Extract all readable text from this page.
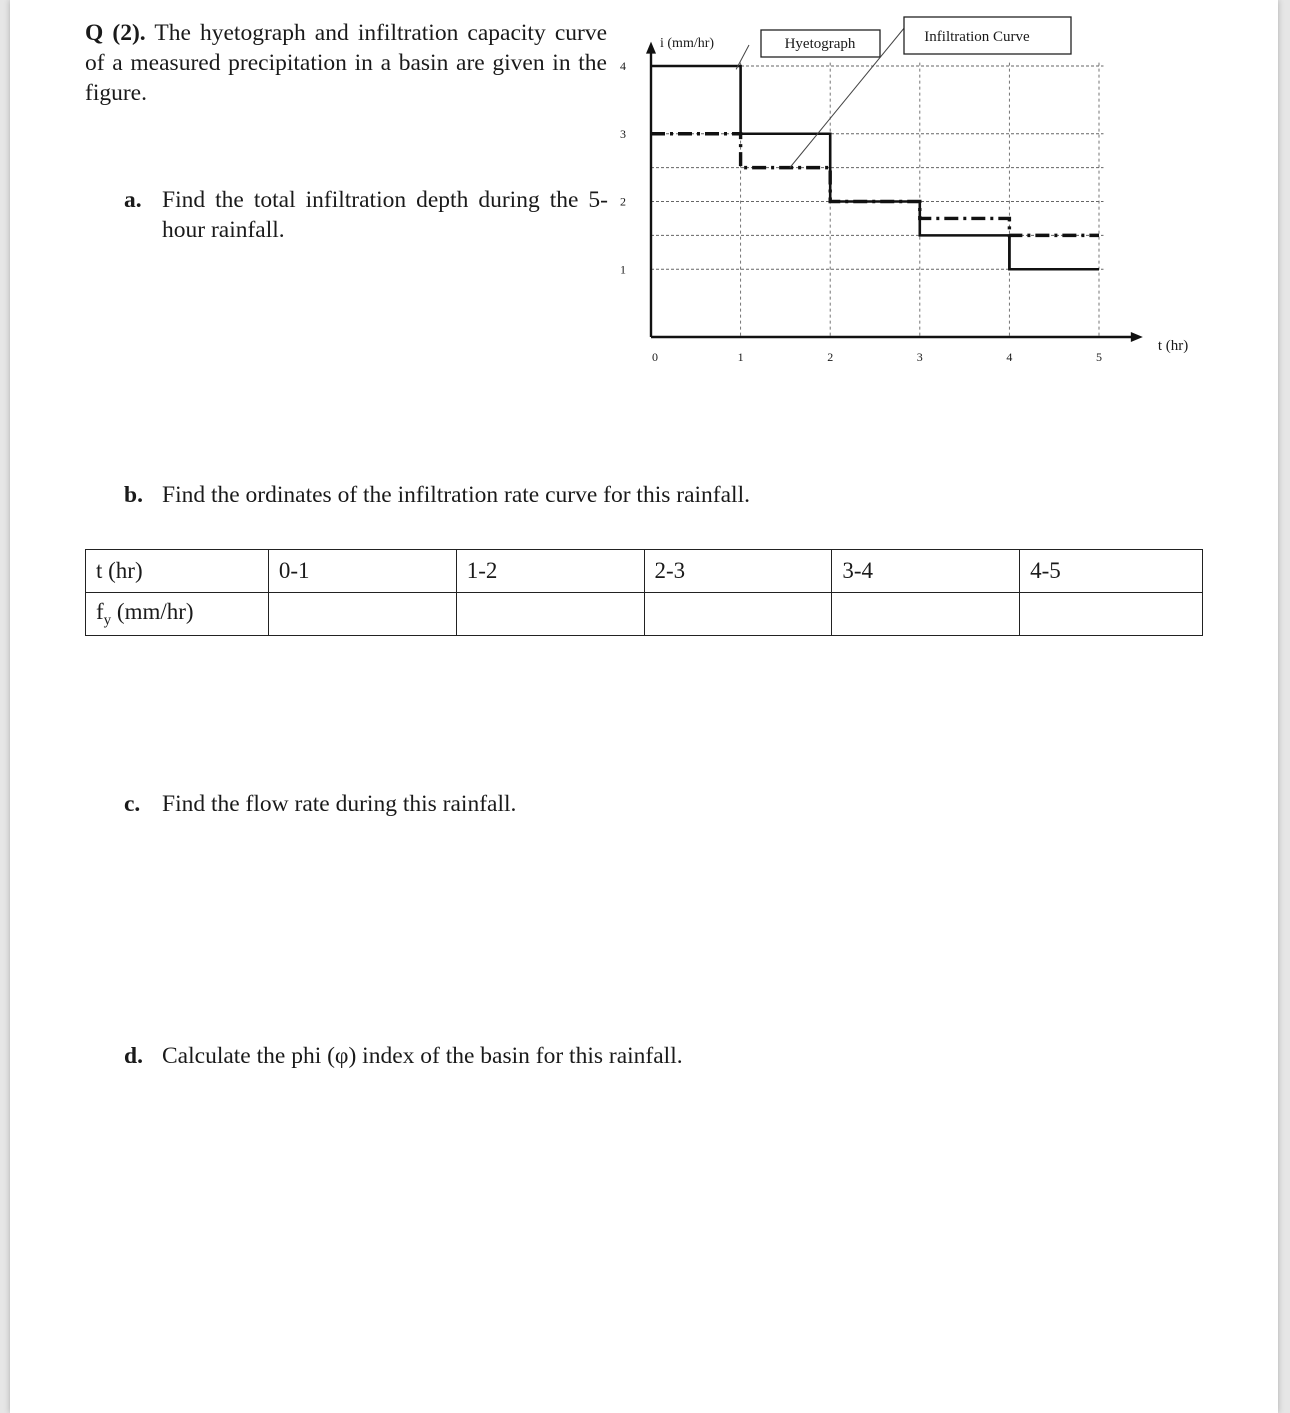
Q (2). The hyetograph and infiltration capacity curve of a measured precipitation in a basin are given in the figure.
a. Find the total infiltration depth during the 5-hour rainfall.
b. Find the ordinates of the infiltration rate curve for this rainfall.
t (hr)	0-1	1-2	2-3	3-4	4-5
$f_y$ (mm/hr)					
c. Find the flow rate during this rainfall.
d. Calculate the phi (φ) index of the basin for this rainfall.
0	1	2	3	4	5
1
2
3
4
i (mm/hr)
t (hr)
Hyetograph	Infiltration Curve
